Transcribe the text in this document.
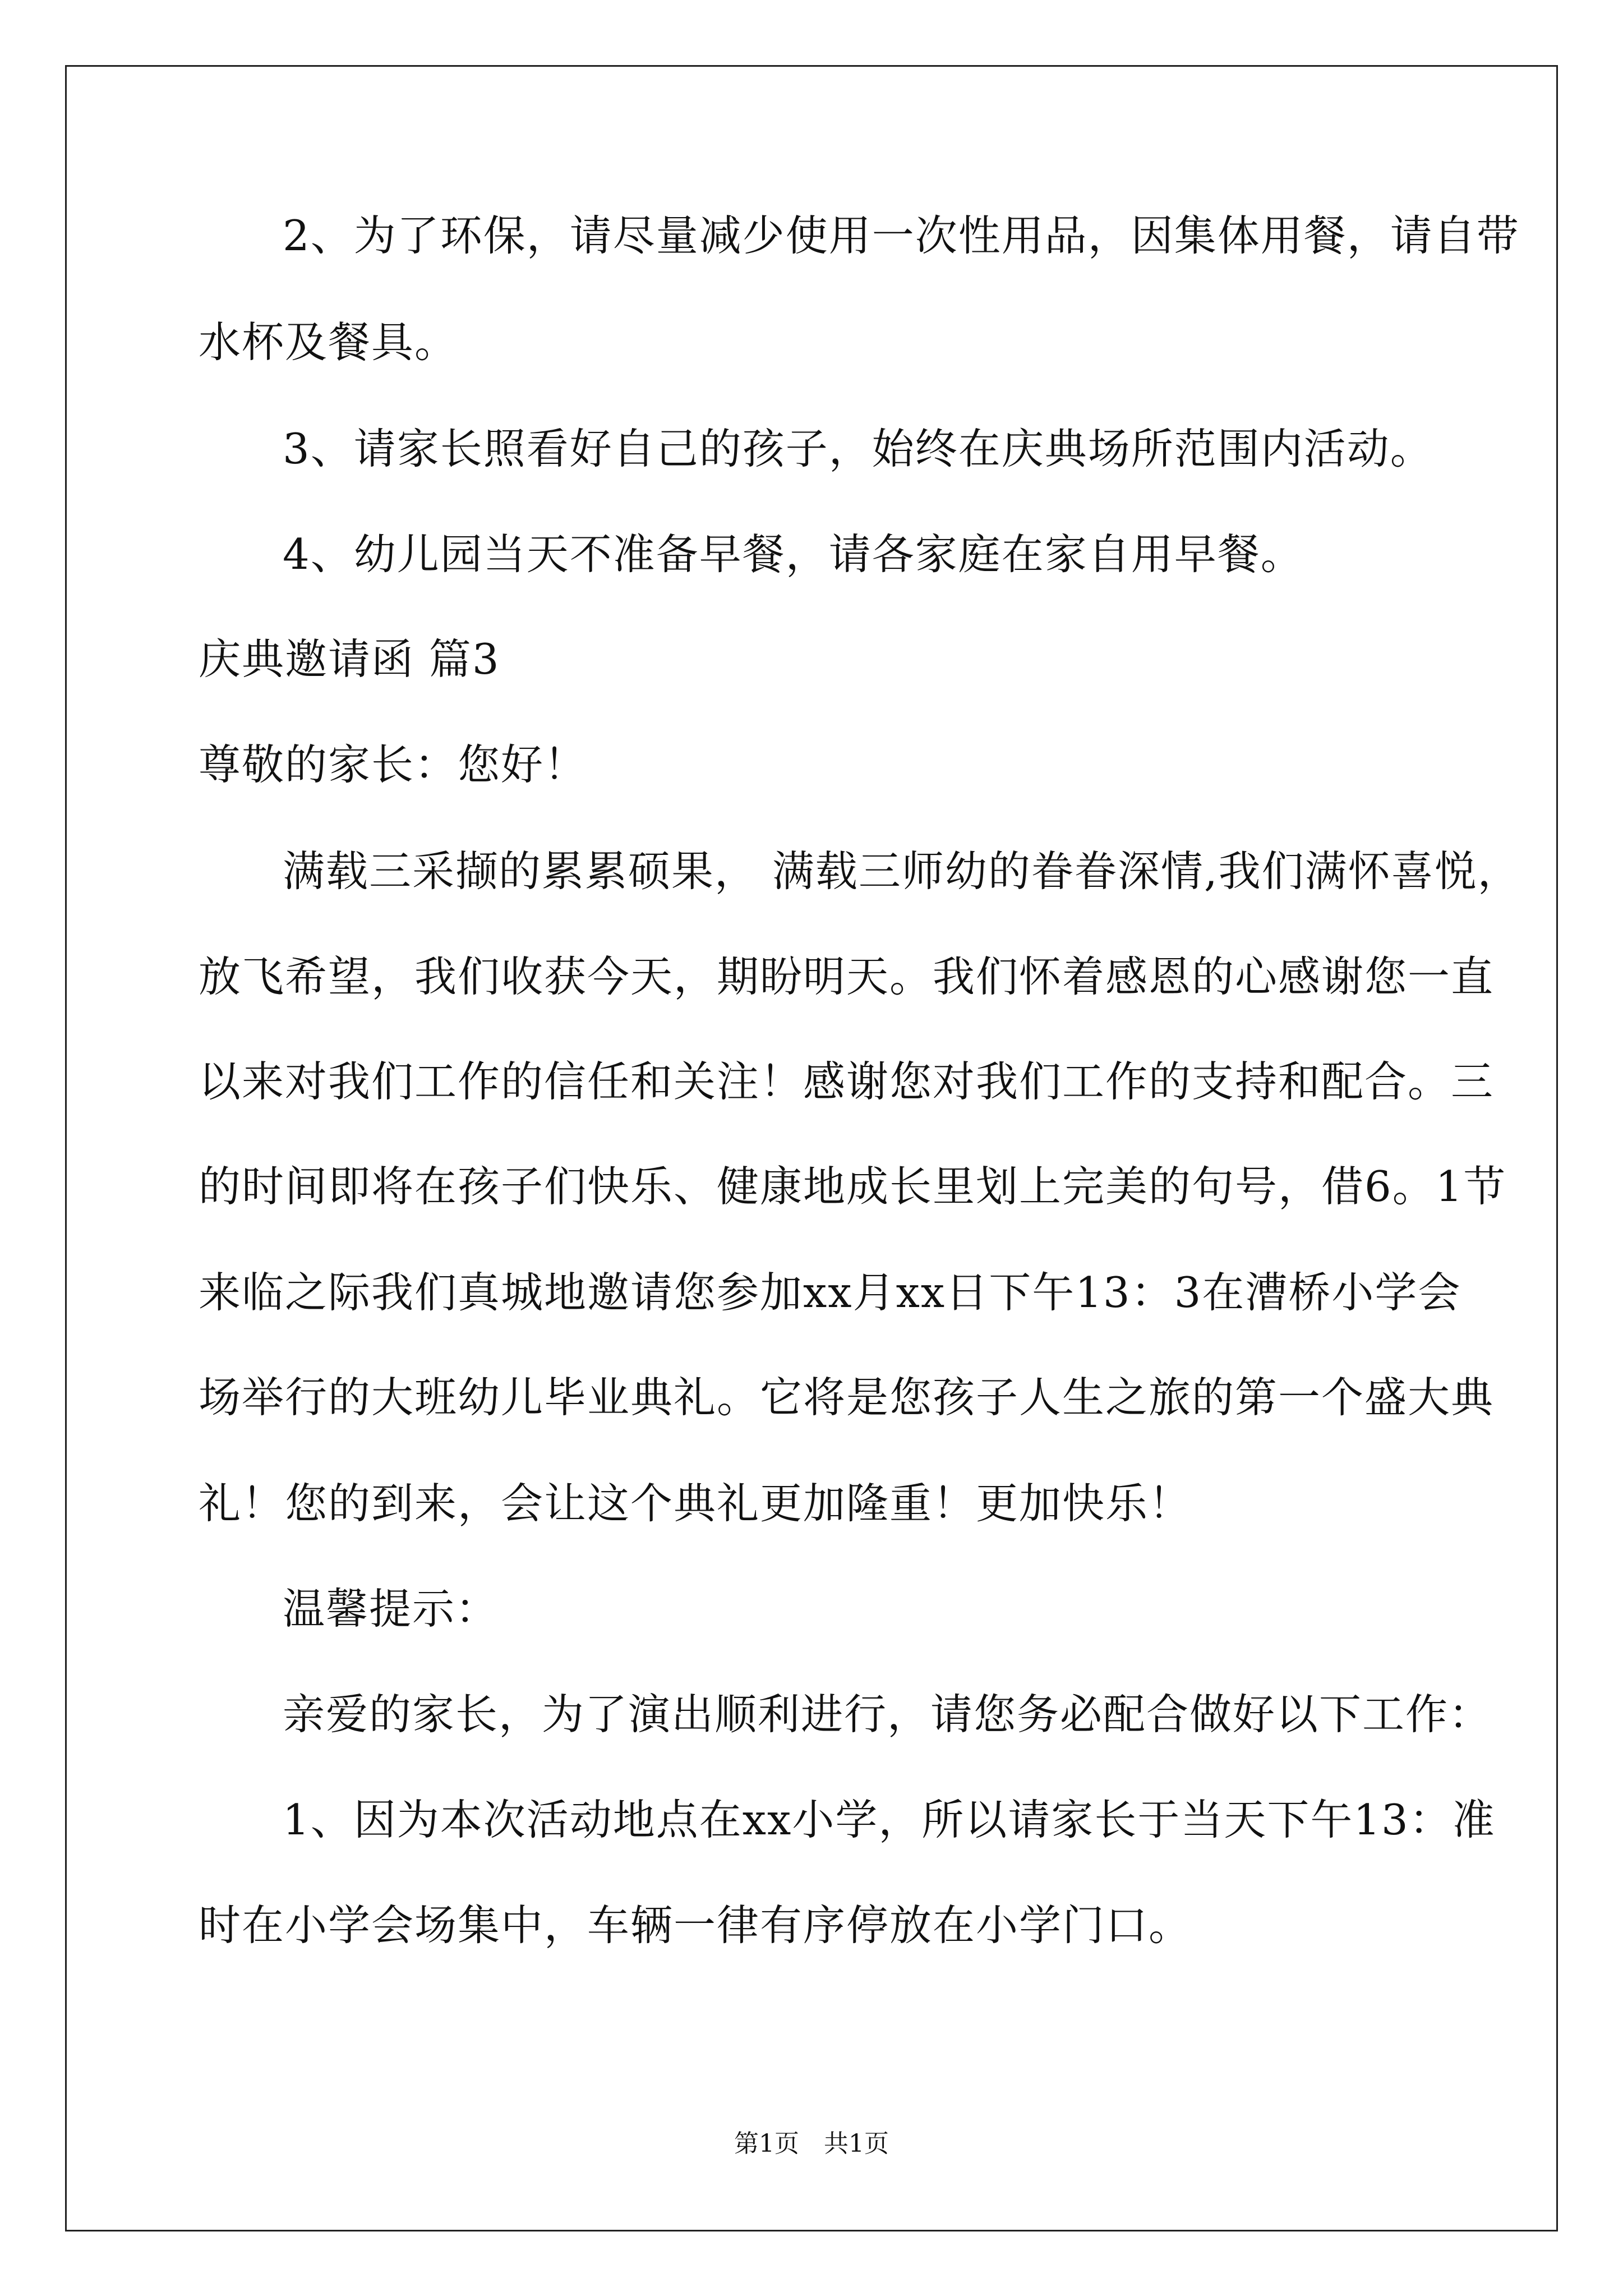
2、为了环保，请尽量减少使用一次性用品，因集体用餐，请自带
水杯及餐具。
3、请家长照看好自己的孩子，始终在庆典场所范围内活动。
4、幼儿园当天不准备早餐，请各家庭在家自用早餐。
庆典邀请函 篇3
尊敬的家长：您好！
满载三采撷的累累硕果， 满载三师幼的眷眷深情,我们满怀喜悦，
放飞希望，我们收获今天，期盼明天。我们怀着感恩的心感谢您一直
以来对我们工作的信任和关注！感谢您对我们工作的支持和配合。三
的时间即将在孩子们快乐、健康地成长里划上完美的句号，借6。1节
来临之际我们真城地邀请您参加xx月xx日下午13：3在漕桥小学会
场举行的大班幼儿毕业典礼。它将是您孩子人生之旅的第一个盛大典
礼！您的到来，会让这个典礼更加隆重！更加快乐！
温馨提示：
亲爱的家长，为了演出顺利进行，请您务必配合做好以下工作：
1、因为本次活动地点在xx小学，所以请家长于当天下午13：准
时在小学会场集中，车辆一律有序停放在小学门口。
第1页　共1页
